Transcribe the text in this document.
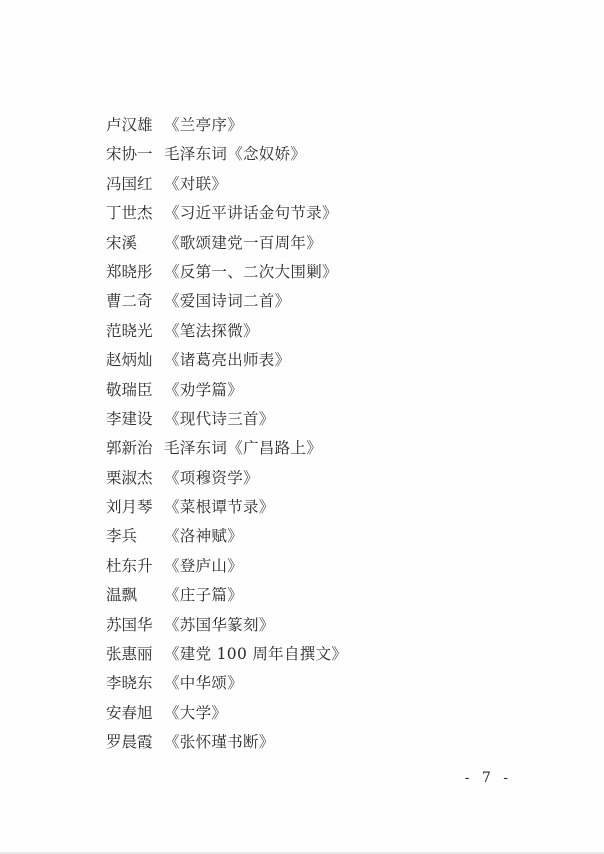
卢汉雄 《兰亭序》
宋协一 毛泽东词《念奴娇》
冯国红 《对联》
丁世杰 《习近平讲话金句节录》
宋溪 《歌颂建党一百周年》
郑晓彤 《反第一、二次大围剿》
曹二奇 《爱国诗词二首》
范晓光 《笔法探微》
赵炳灿 《诸葛亮出师表》
敬瑞臣 《劝学篇》
李建设 《现代诗三首》
郭新治 毛泽东词《广昌路上》
栗淑杰 《项穆资学》
刘月琴 《菜根谭节录》
李兵 《洛神赋》
杜东升 《登庐山》
温飘 《庄子篇》
苏国华 《苏国华篆刻》
张惠丽 《建党 100 周年自撰文》
李晓东 《中华颂》
安春旭 《大学》
罗晨霞 《张怀瑾书断》
- 7 -
